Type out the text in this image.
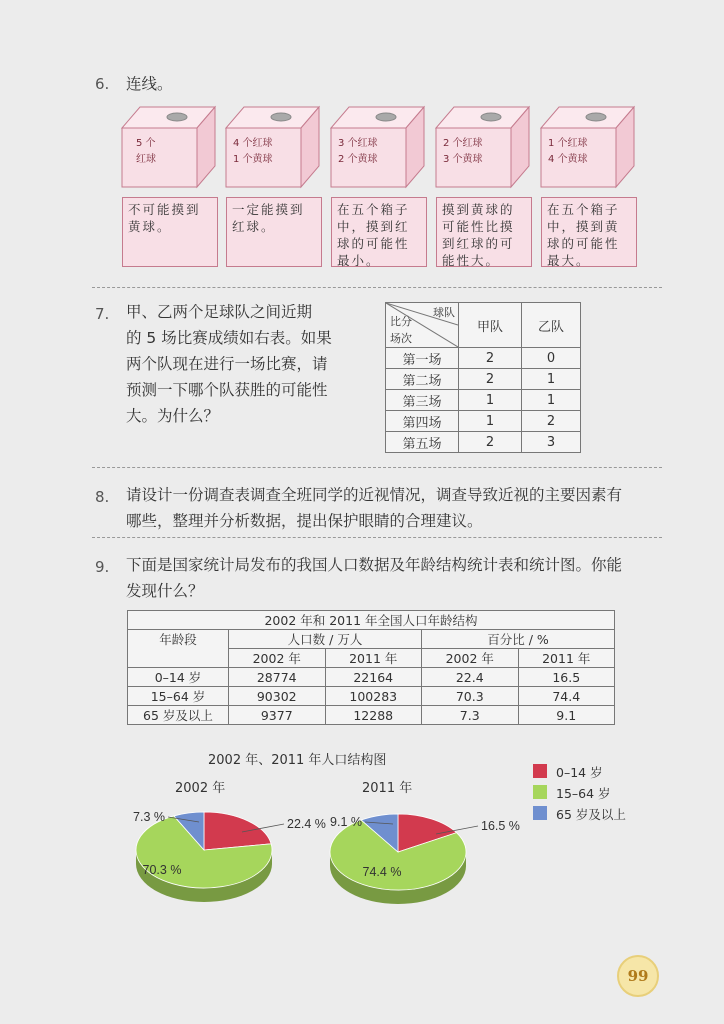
6. 连线。
5 个
红球
4 个红球
1 个黄球
3 个红球
2 个黄球
2 个红球
3 个黄球
1 个红球
4 个黄球
不可能摸到黄球。
一定能摸到红球。
在五个箱子中，摸到红球的可能性最小。
摸到黄球的可能性比摸到红球的可能性大。
在五个箱子中，摸到黄球的可能性最大。
7. 甲、乙两个足球队之间近期
的 5 场比赛成绩如右表。如果
两个队现在进行一场比赛，请
预测一下哪个队获胜的可能性
大。为什么？
球队
比分
场次	甲队	乙队
第一场	2	0
第二场	2	1
第三场	1	1
第四场	1	2
第五场	2	3
8. 请设计一份调查表调查全班同学的近视情况，调查导致近视的主要因素有
哪些，整理并分析数据，提出保护眼睛的合理建议。
9. 下面是国家统计局发布的我国人口数据及年龄结构统计表和统计图。你能
发现什么？
2002 年和 2011 年全国人口年龄结构				
年龄段	人口数 / 万人		百分比 / %	
	2002 年	2011 年	2002 年	2011 年
0–14 岁	28774	22164	22.4	16.5
15–64 岁	90302	100283	70.3	74.4
65 岁及以上	9377	12288	7.3	9.1
2002 年、2011 年人口结构图
2002 年	2011 年
22.4 %
70.3 %
7.3 %
16.5 %
74.4 %
9.1 %
0–14 岁
15–64 岁
65 岁及以上
99
